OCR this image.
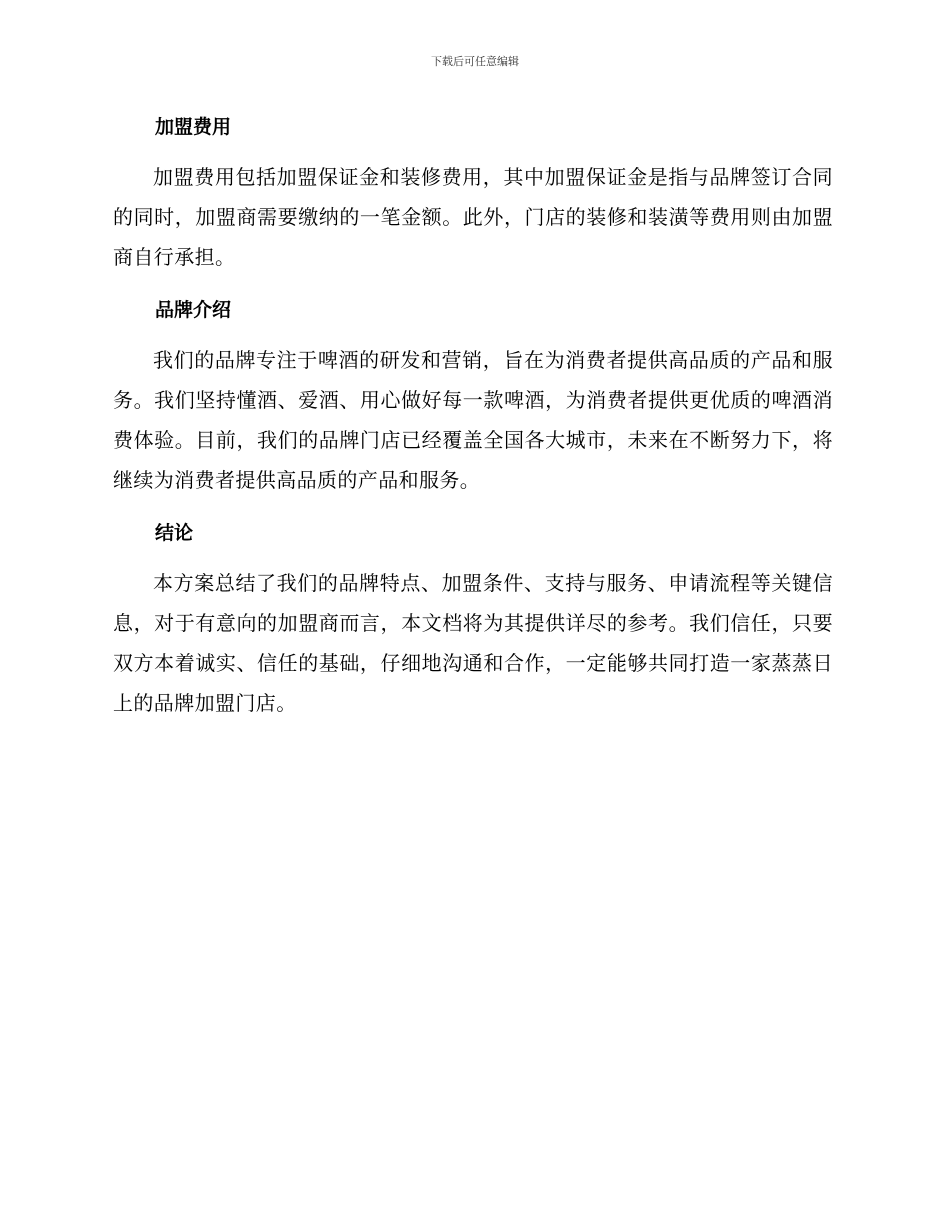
下载后可任意编辑
加盟费用

加盟费用包括加盟保证金和装修费用，其中加盟保证金是指与品牌签订合同的同时，加盟商需要缴纳的一笔金额。此外，门店的装修和装潢等费用则由加盟商自行承担。

品牌介绍

我们的品牌专注于啤酒的研发和营销，旨在为消费者提供高品质的产品和服务。我们坚持懂酒、爱酒、用心做好每一款啤酒，为消费者提供更优质的啤酒消费体验。目前，我们的品牌门店已经覆盖全国各大城市，未来在不断努力下，将继续为消费者提供高品质的产品和服务。

结论

本方案总结了我们的品牌特点、加盟条件、支持与服务、申请流程等关键信息，对于有意向的加盟商而言，本文档将为其提供详尽的参考。我们信任，只要双方本着诚实、信任的基础，仔细地沟通和合作，一定能够共同打造一家蒸蒸日上的品牌加盟门店。
